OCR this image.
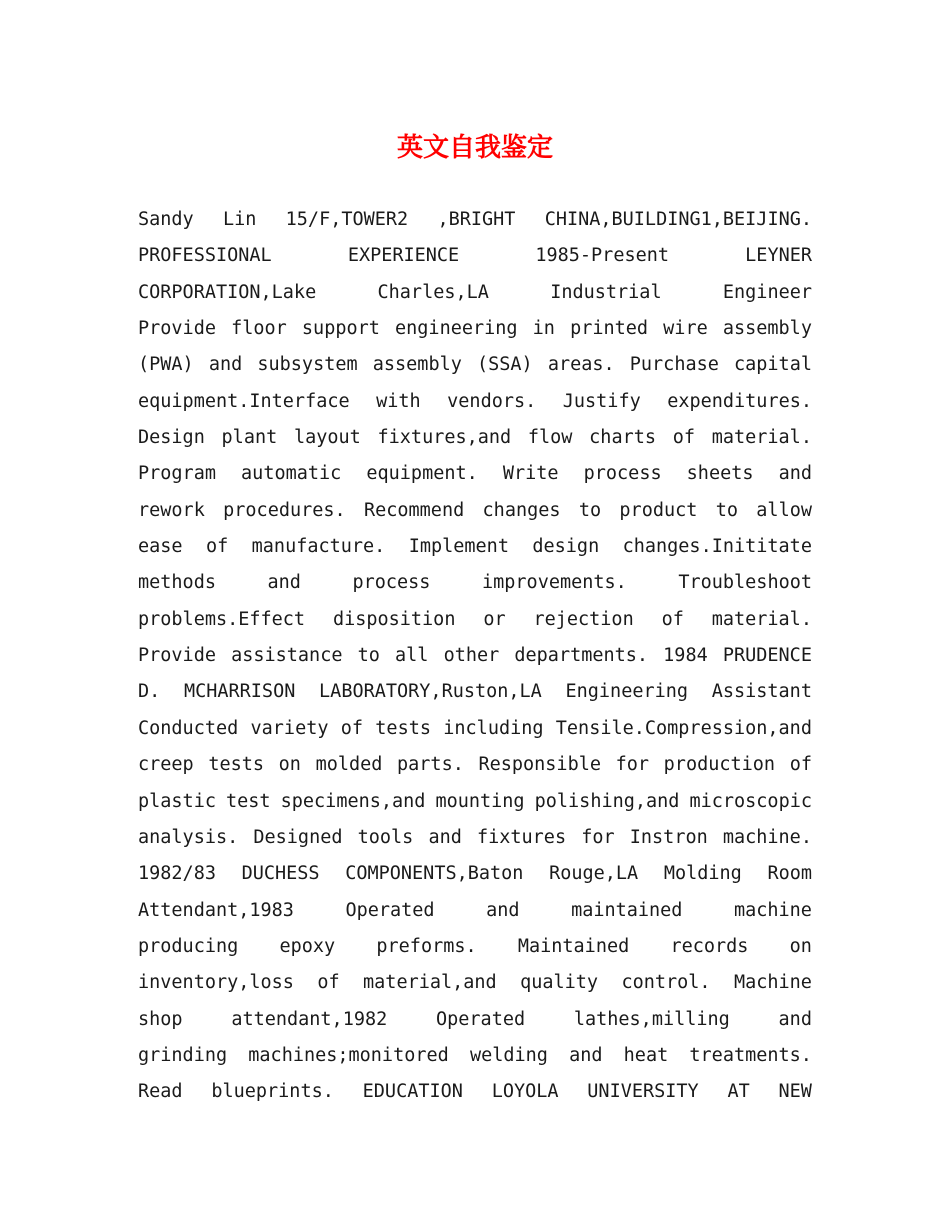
英文自我鉴定
Sandy Lin 15/F,TOWER2 ,BRIGHT CHINA,BUILDING1,BEIJING.
PROFESSIONAL	EXPERIENCE	1985-Present	LEYNER
CORPORATION,Lake	Charles,LA	Industrial	Engineer
Provide floor support engineering in printed wire assembly
(PWA) and subsystem assembly (SSA) areas. Purchase capital
equipment.Interface with vendors. Justify expenditures.
Design plant layout fixtures,and flow charts of material.
Program automatic equipment. Write process sheets and
rework procedures. Recommend changes to product to allow
ease of manufacture. Implement design changes.Inititate
methods	and	process	improvements.	Troubleshoot
problems.Effect disposition or rejection of material.
Provide assistance to all other departments. 1984 PRUDENCE
D. MCHARRISON LABORATORY,Ruston,LA Engineering Assistant
Conducted variety of tests including Tensile.Compression,and
creep tests on molded parts. Responsible for production of
plastic test specimens,and mounting polishing,and microscopic
analysis. Designed tools and fixtures for Instron machine.
1982/83 DUCHESS COMPONENTS,Baton Rouge,LA Molding Room
Attendant,1983	Operated	and	maintained	machine
producing epoxy preforms. Maintained records on
inventory,loss of material,and quality control. Machine
shop	attendant,1982	Operated	lathes,milling	and
grinding machines;monitored welding and heat treatments.
Read blueprints. EDUCATION LOYOLA UNIVERSITY AT NEW
